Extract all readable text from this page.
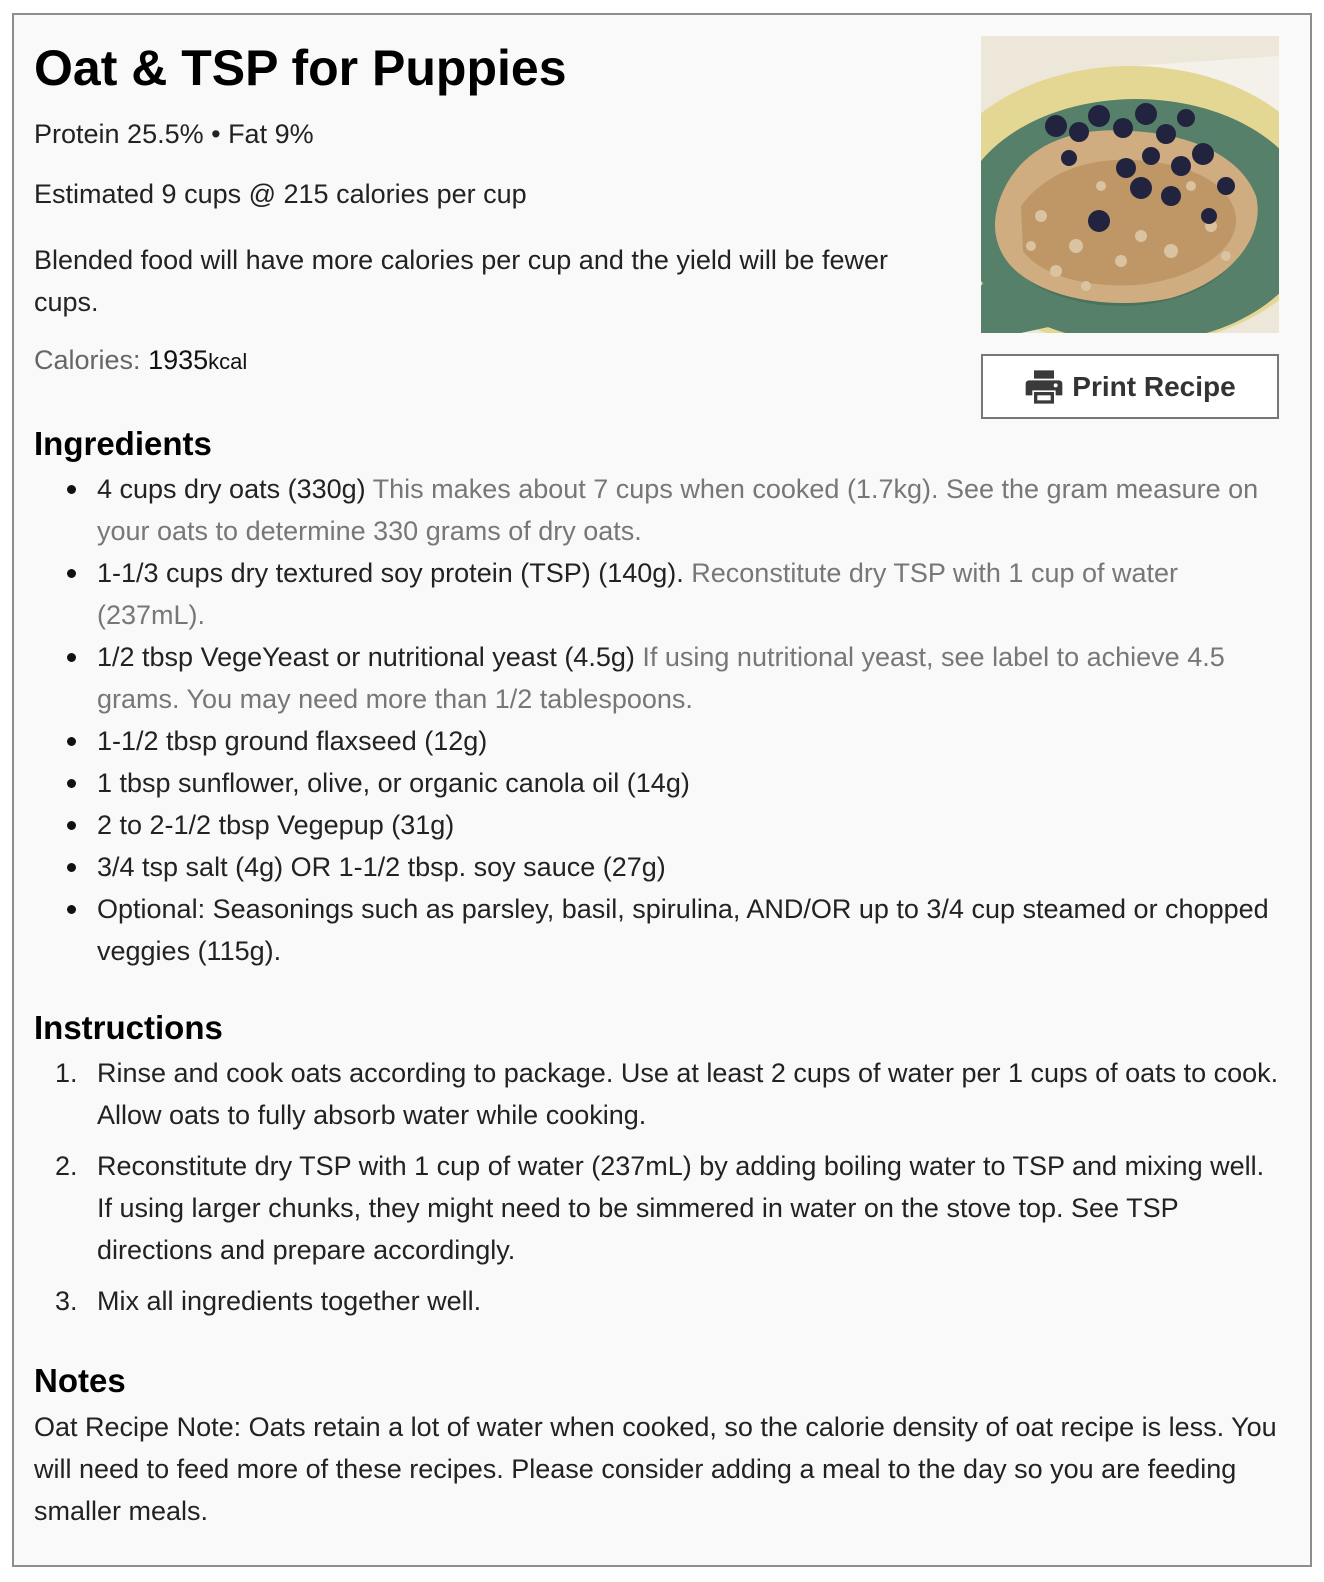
Oat & TSP for Puppies

Protein 25.5% • Fat 9%

Estimated 9 cups @ 215 calories per cup

Blended food will have more calories per cup and the yield will be fewer cups.

Calories: 1935kcal

Print Recipe
Ingredients
4 cups dry oats (330g) This makes about 7 cups when cooked (1.7kg). See the gram measure on your oats to determine 330 grams of dry oats.
1-1/3 cups dry textured soy protein (TSP) (140g). Reconstitute dry TSP with 1 cup of water (237mL).
1/2 tbsp VegeYeast or nutritional yeast (4.5g) If using nutritional yeast, see label to achieve 4.5 grams. You may need more than 1/2 tablespoons.
1-1/2 tbsp ground flaxseed (12g)
1 tbsp sunflower, olive, or organic canola oil (14g)
2 to 2-1/2 tbsp Vegepup (31g)
3/4 tsp salt (4g) OR 1-1/2 tbsp. soy sauce (27g)
Optional: Seasonings such as parsley, basil, spirulina, AND/OR up to 3/4 cup steamed or chopped veggies (115g).
Instructions
1. Rinse and cook oats according to package. Use at least 2 cups of water per 1 cups of oats to cook. Allow oats to fully absorb water while cooking.
2. Reconstitute dry TSP with 1 cup of water (237mL) by adding boiling water to TSP and mixing well. If using larger chunks, they might need to be simmered in water on the stove top. See TSP directions and prepare accordingly.
3. Mix all ingredients together well.
Notes

Oat Recipe Note: Oats retain a lot of water when cooked, so the calorie density of oat recipe is less. You will need to feed more of these recipes. Please consider adding a meal to the day so you are feeding smaller meals.
